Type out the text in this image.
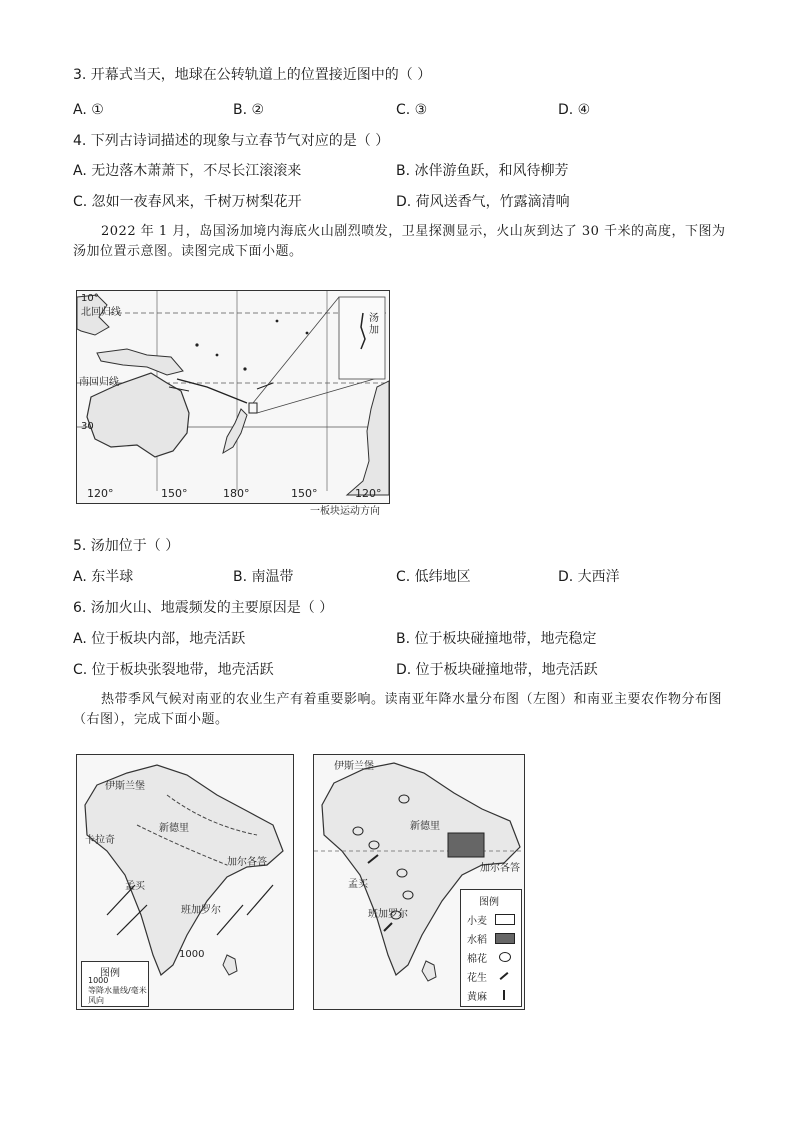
3. 开幕式当天，地球在公转轨道上的位置接近图中的（ ）
A. ①	B. ②	C. ③	D. ④
4. 下列古诗词描述的现象与立春节气对应的是（ ）
A. 无边落木萧萧下，不尽长江滚滚来	B. 冰伴游鱼跃，和风待柳芳
C. 忽如一夜春风来，千树万树梨花开	D. 荷风送香气，竹露滴清响
2022 年 1 月，岛国汤加境内海底火山剧烈喷发，卫星探测显示，火山灰到达了 30 千米的高度，下图为汤加位置示意图。读图完成下面小题。
10°
北回归线
南回归线
30
汤加
120°	150°	180°	150°	120°
一板块运动方向
5. 汤加位于（ ）
A. 东半球	B. 南温带	C. 低纬地区	D. 大西洋
6. 汤加火山、地震频发的主要原因是（ ）
A. 位于板块内部，地壳活跃	B. 位于板块碰撞地带，地壳稳定
C. 位于板块张裂地带，地壳活跃	D. 位于板块碰撞地带，地壳活跃
热带季风气候对南亚的农业生产有着重要影响。读南亚年降水量分布图（左图）和南亚主要农作物分布图（右图），完成下面小题。
伊斯兰堡
卡拉奇
新德里
加尔各答
孟买
班加罗尔
1000
图例
1000
等降水量线/毫米
风向
伊斯兰堡
新德里
加尔各答
孟买
班加罗尔
图例
小麦
水稻
棉花
花生
黄麻
